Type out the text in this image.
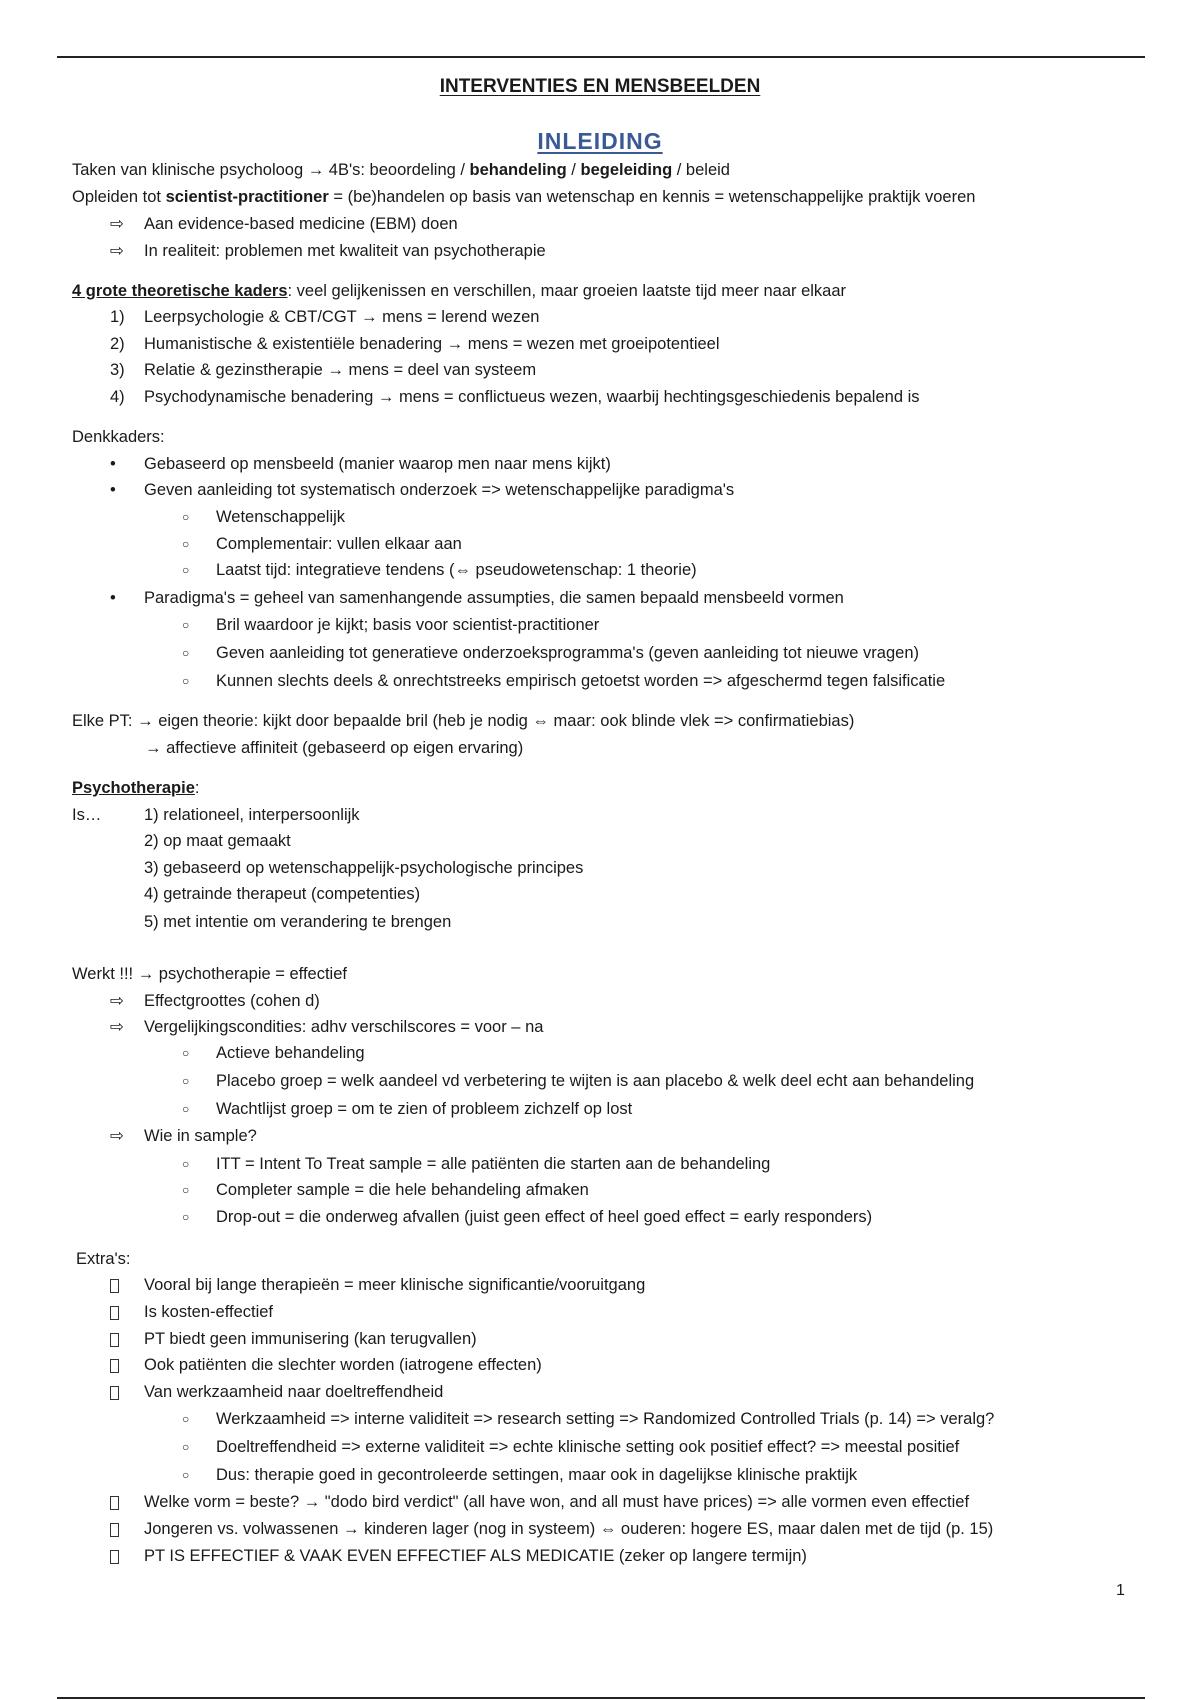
INTERVENTIES EN MENSBEELDEN
INLEIDING
Taken van klinische psycholoog → 4B's: beoordeling / behandeling / begeleiding / beleid
Opleiden tot scientist-practitioner = (be)handelen op basis van wetenschap en kennis = wetenschappelijke praktijk voeren
⇨	Aan evidence-based medicine (EBM) doen
⇨	In realiteit: problemen met kwaliteit van psychotherapie
4 grote theoretische kaders: veel gelijkenissen en verschillen, maar groeien laatste tijd meer naar elkaar
1)	Leerpsychologie & CBT/CGT → mens = lerend wezen
2)	Humanistische & existentiële benadering → mens = wezen met groeipotentieel
3)	Relatie & gezinstherapie → mens = deel van systeem
4)	Psychodynamische benadering → mens = conflictueus wezen, waarbij hechtingsgeschiedenis bepalend is
Denkkaders:
•	Gebaseerd op mensbeeld (manier waarop men naar mens kijkt)
•	Geven aanleiding tot systematisch onderzoek => wetenschappelijke paradigma's
○	Wetenschappelijk
○	Complementair: vullen elkaar aan
○	Laatst tijd: integratieve tendens (⇔ pseudowetenschap: 1 theorie)
•	Paradigma's = geheel van samenhangende assumpties, die samen bepaald mensbeeld vormen
○	Bril waardoor je kijkt; basis voor scientist-practitioner
○	Geven aanleiding tot generatieve onderzoeksprogramma's (geven aanleiding tot nieuwe vragen)
○	Kunnen slechts deels & onrechtstreeks empirisch getoetst worden => afgeschermd tegen falsificatie
Elke PT: → eigen theorie: kijkt door bepaalde bril (heb je nodig ⇔ maar: ook blinde vlek => confirmatiebias)
→ affectieve affiniteit (gebaseerd op eigen ervaring)
Psychotherapie:
Is…	1) relationeel, interpersoonlijk
2) op maat gemaakt
3) gebaseerd op wetenschappelijk-psychologische principes
4) getrainde therapeut (competenties)
5) met intentie om verandering te brengen
Werkt !!! → psychotherapie = effectief
⇨	Effectgroottes (cohen d)
⇨	Vergelijkingscondities: adhv verschilscores = voor – na
○	Actieve behandeling
○	Placebo groep = welk aandeel vd verbetering te wijten is aan placebo & welk deel echt aan behandeling
○	Wachtlijst groep = om te zien of probleem zichzelf op lost
⇨	Wie in sample?
○	ITT = Intent To Treat sample = alle patiënten die starten aan de behandeling
○	Completer sample = die hele behandeling afmaken
○	Drop-out = die onderweg afvallen (juist geen effect of heel goed effect = early responders)
Extra's:
Vooral bij lange therapieën = meer klinische significantie/vooruitgang
Is kosten-effectief
PT biedt geen immunisering (kan terugvallen)
Ook patiënten die slechter worden (iatrogene effecten)
Van werkzaamheid naar doeltreffendheid
○	Werkzaamheid => interne validiteit => research setting => Randomized Controlled Trials (p. 14) => veralg?
○	Doeltreffendheid => externe validiteit => echte klinische setting ook positief effect? => meestal positief
○	Dus: therapie goed in gecontroleerde settingen, maar ook in dagelijkse klinische praktijk
Welke vorm = beste? → "dodo bird verdict" (all have won, and all must have prices) => alle vormen even effectief
Jongeren vs. volwassenen → kinderen lager (nog in systeem) ⇔ ouderen: hogere ES, maar dalen met de tijd (p. 15)
PT IS EFFECTIEF & VAAK EVEN EFFECTIEF ALS MEDICATIE (zeker op langere termijn)
1
